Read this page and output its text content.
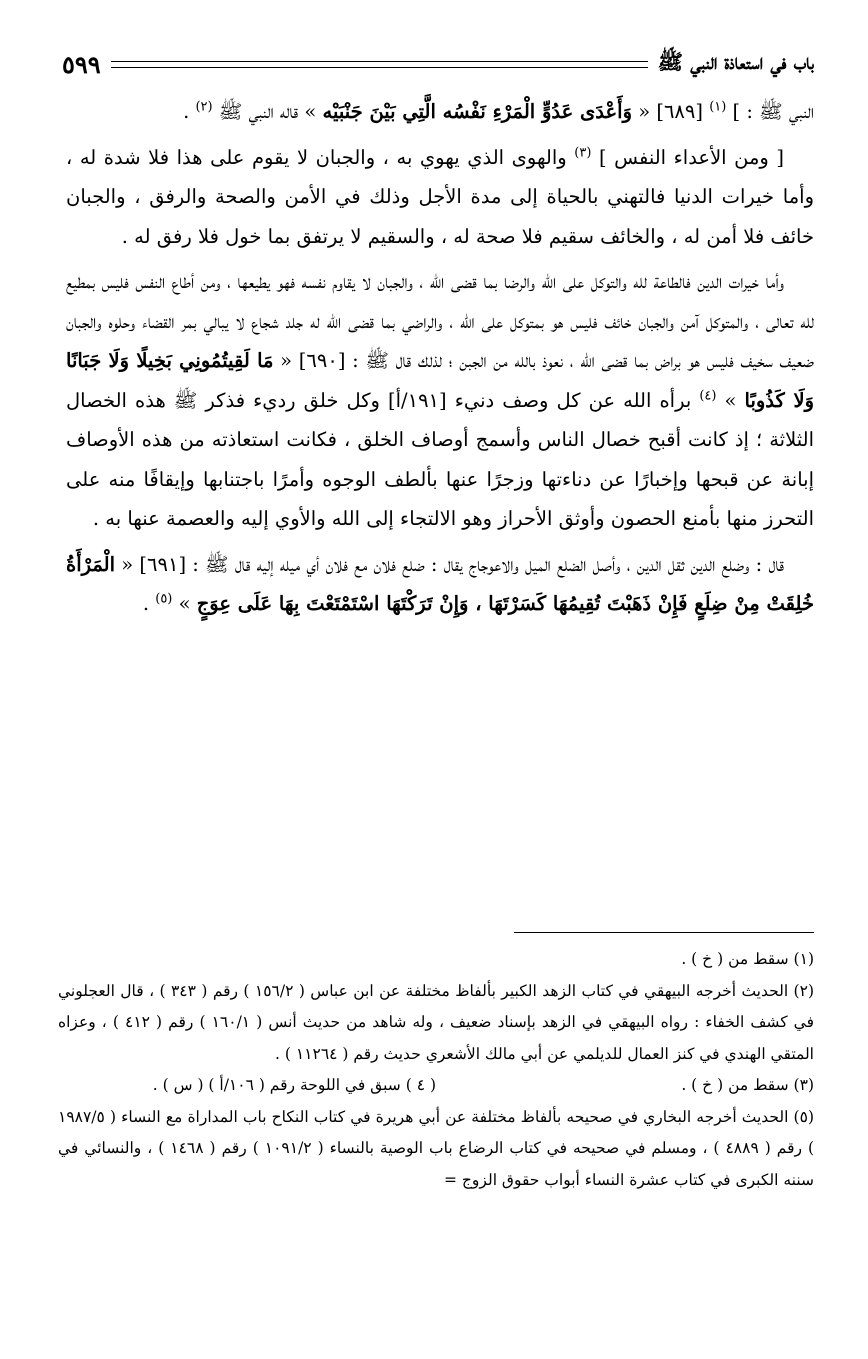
باب في استعاذة النبي ﷺ
٥٩٩

النبي ﷺ : ] $^{(١)}$ [٦٨٩] « وَأَعْدَى عَدُوٍّ الْمَرْءِ نَفْسُه الَّتِي بَيْنَ جَنْبَيْه » قاله النبي ﷺ $^{(٢)}$ .

[ ومن الأعداء النفس ] $^{(٣)}$ والهوى الذي يهوي به ، والجبان لا يقوم على هذا فلا شدة له ، وأما خيرات الدنيا فالتهني بالحياة إلى مدة الأجل وذلك في الأمن والصحة والرفق ، والجبان خائف فلا أمن له ، والخائف سقيم فلا صحة له ، والسقيم لا يرتفق بما خول فلا رفق له .

وأما خيرات الدين فالطاعة لله والتوكل على الله والرضا بما قضى الله ، والجبان لا يقاوم نفسه فهو يطيعها ، ومن أطاع النفس فليس بمطيع لله تعالى ، والمتوكل آمن والجبان خائف فليس هو بمتوكل على الله ، والراضي بما قضى الله له جلد شجاع لا يبالي بمر القضاء وحلوه والجبان ضعيف سخيف فليس هو براض بما قضى الله ، نعوذ بالله من الجبن ؛ لذلك قال ﷺ : [٦٩٠] « مَا لَقِيتُمُونِي بَخِيلًا وَلَا جَبَانًا وَلَا كَذُوبًا » $^{(٤)}$ برأه الله عن كل وصف دنيء [١٩١/أ] وكل خلق رديء فذكر ﷺ هذه الخصال الثلاثة ؛ إذ كانت أقبح خصال الناس وأسمج أوصاف الخلق ، فكانت استعاذته من هذه الأوصاف إبانة عن قبحها وإخبارًا عن دناءتها وزجرًا عنها بألطف الوجوه وأمرًا باجتنابها وإيقافًا منه على التحرز منها بأمنع الحصون وأوثق الأحراز وهو الالتجاء إلى الله والأوي إليه والعصمة عنها به .

قال : وضلع الدين ثقل الدين ، وأصل الضلع الميل والاعوجاج يقال : ضلع فلان مع فلان أي ميله إليه قال ﷺ : [٦٩١] « الْمَرْأَةُ خُلِقَتْ مِنْ ضِلَعٍ فَإِنْ ذَهَبْتَ تُقِيمُهَا كَسَرْتَهَا ، وَإِنْ تَرَكْتَهَا اسْتَمْتَعْتَ بِهَا عَلَى عِوَجٍ » $^{(٥)}$ .

(١) سقط من ( خ ) .

(٢) الحديث أخرجه البيهقي في كتاب الزهد الكبير بألفاظ مختلفة عن ابن عباس ( ١٥٦/٢ ) رقم ( ٣٤٣ ) ، قال العجلوني في كشف الخفاء : رواه البيهقي في الزهد بإسناد ضعيف ، وله شاهد من حديث أنس ( ١٦٠/١ ) رقم ( ٤١٢ ) ، وعزاه المتقي الهندي في كنز العمال للديلمي عن أبي مالك الأشعري حديث رقم ( ١١٢٦٤ ) .

(٣) سقط من ( خ ) .

( ٤ ) سبق في اللوحة رقم ( ١٠٦/أ ) ( س ) .

(٥) الحديث أخرجه البخاري في صحيحه بألفاظ مختلفة عن أبي هريرة في كتاب النكاح باب المداراة مع النساء ( ١٩٨٧/٥ ) رقم ( ٤٨٨٩ ) ، ومسلم في صحيحه في كتاب الرضاع باب الوصية بالنساء ( ١٠٩١/٢ ) رقم ( ١٤٦٨ ) ، والنسائي في سننه الكبرى في كتاب عشرة النساء أبواب حقوق الزوج =
